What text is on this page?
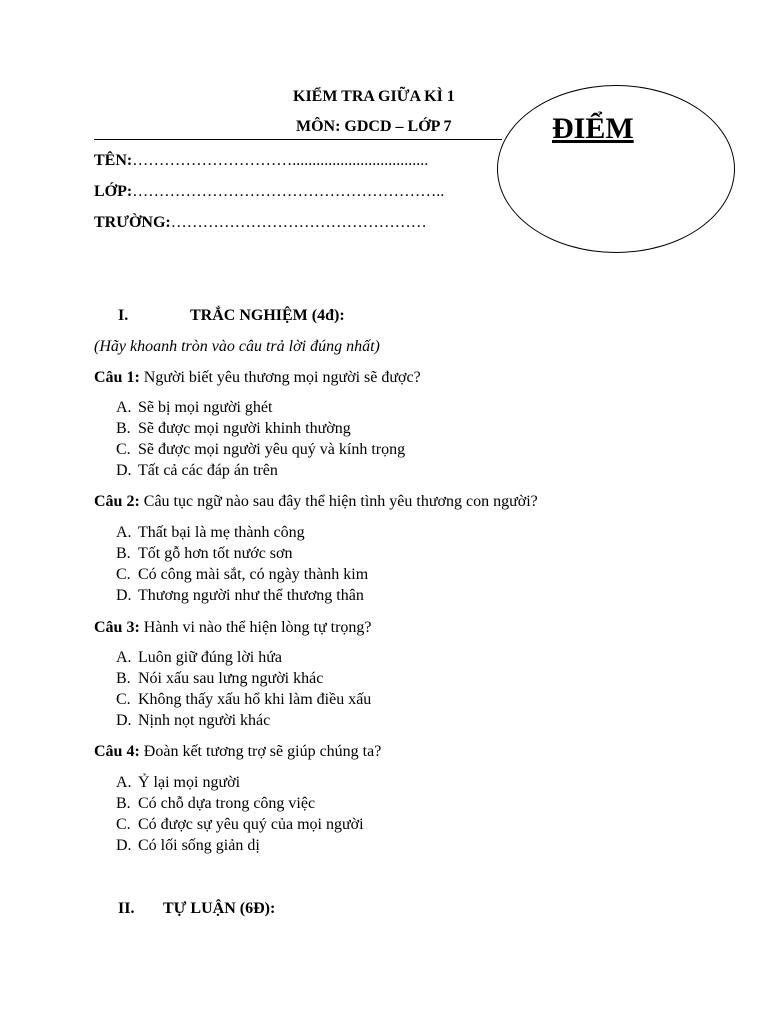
KIỂM TRA GIỮA KÌ 1
MÔN: GDCD – LỚP 7	ĐIỂM
TÊN:…………………………..................................
LỚP:…………………………………………………..
TRƯỜNG:…………………………………………
I.	TRẮC NGHIỆM (4đ):
(Hãy khoanh tròn vào câu trả lời đúng nhất)
Câu 1: Người biết yêu thương mọi người sẽ được?
A. Sẽ bị mọi người ghét
B. Sẽ được mọi người khinh thường
C. Sẽ được mọi người yêu quý và kính trọng
D. Tất cả các đáp án trên
Câu 2: Câu tục ngữ nào sau đây thể hiện tình yêu thương con người?
A. Thất bại là mẹ thành công
B. Tốt gỗ hơn tốt nước sơn
C. Có công mài sắt, có ngày thành kim
D. Thương người như thể thương thân
Câu 3: Hành vi nào thể hiện lòng tự trọng?
A. Luôn giữ đúng lời hứa
B. Nói xấu sau lưng người khác
C. Không thấy xấu hổ khi làm điều xấu
D. Nịnh nọt người khác
Câu 4: Đoàn kết tương trợ sẽ giúp chúng ta?
A. Ỷ lại mọi người
B. Có chỗ dựa trong công việc
C. Có được sự yêu quý của mọi người
D. Có lối sống giản dị
II. TỰ LUẬN (6Đ):
